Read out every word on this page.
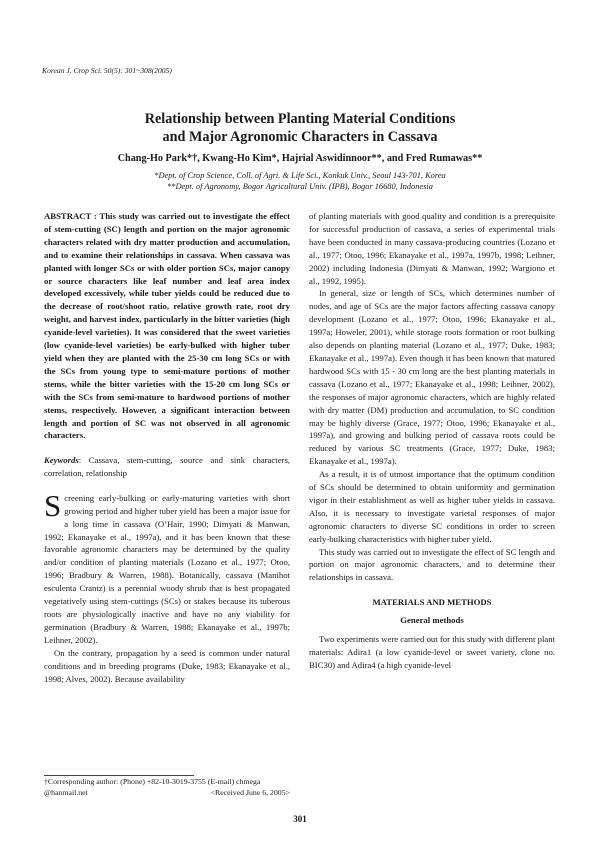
Korean J. Crop Sci. 50(5): 301~308(2005)
Relationship between Planting Material Conditions
and Major Agronomic Characters in Cassava
Chang-Ho Park*†, Kwang-Ho Kim*, Hajrial Aswidinnoor**, and Fred Rumawas**
*Dept. of Crop Science, Coll. of Agri. & Life Sci., Konkuk Univ., Seoul 143-701, Korea
**Dept. of Agronomy, Bogor Agricultural Univ. (IPB), Bogor 16680, Indonesia
ABSTRACT : This study was carried out to investigate the effect of stem-cutting (SC) length and portion on the major agronomic characters related with dry matter production and accumulation, and to examine their relationships in cassava. When cassava was planted with longer SCs or with older portion SCs, major canopy or source characters like leaf number and leaf area index developed excessively, while tuber yields could be reduced due to the decrease of root/shoot ratio, relative growth rate, root dry weight, and harvest index, particularly in the bitter varieties (high cyanide-level varieties). It was considered that the sweet varieties (low cyanide-level varieties) be early-bulked with higher tuber yield when they are planted with the 25-30 cm long SCs or with the SCs from young type to semi-mature portions of mother stems, while the bitter varieties with the 15-20 cm long SCs or with the SCs from semi-mature to hardwood portions of mother stems, respectively. However, a significant interaction between length and portion of SC was not observed in all agronomic characters.

Keywords: Cassava, stem-cutting, source and sink characters, correlation, relationship

Screening early-bulking or early-maturing varieties with short growing period and higher tuber yield has been a major issue for a long time in cassava (O’Hair, 1990; Dimyati & Manwan, 1992; Ekanayake et al., 1997a), and it has been known that these favorable agronomic characters may be determined by the quality and/or condition of planting materials (Lozano et al., 1977; Otoo, 1996; Bradbury & Warren, 1988). Botanically, cassava (Manihot esculenta Crantz) is a perennial woody shrub that is best propagated vegetatively using stem-cuttings (SCs) or stakes because its tuberous roots are physiologically inactive and have no any viability for germination (Bradbury & Warren, 1988; Ekanayake et al., 1997b; Leihner, 2002).

On the contrary, propagation by a seed is common under natural conditions and in breeding programs (Duke, 1983; Ekanayake et al., 1998; Alves, 2002). Because availability

†Corresponding author: (Phone) +82-10-3019-3755 (E-mail) chmega
@hanmail.net	<Received June 6, 2005>

of planting materials with good quality and condition is a prerequisite for successful production of cassava, a series of experimental trials have been conducted in many cassava-producing countries (Lozano et al., 1977; Otoo, 1996; Ekanayake et al., 1997a, 1997b, 1998; Leihner, 2002) including Indonesia (Dimyati & Manwan, 1992; Wargiono et al., 1992, 1995).

In general, size or length of SCs, which determines number of nodes, and age of SCs are the major factors affecting cassava canopy development (Lozano et al., 1977; Otoo, 1996; Ekanayake et al., 1997a; Howeler, 2001), while storage roots formation or root bulking also depends on planting material (Lozano et al., 1977; Duke, 1983; Ekanayake et al., 1997a). Even though it has been known that matured hardwood SCs with 15 - 30 cm long are the best planting materials in cassava (Lozano et al., 1977; Ekanayake et al., 1998; Leihner, 2002), the responses of major agronomic characters, which are highly related with dry matter (DM) production and accumulation, to SC condition may be highly diverse (Grace, 1977; Otoo, 1996; Ekanayake et al., 1997a), and growing and bulking period of cassava roots could be reduced by various SC treatments (Grace, 1977; Duke, 1983; Ekanayake et al., 1997a).

As a result, it is of utmost importance that the optimum condition of SCs should be determined to obtain uniformity and germination vigor in their establishment as well as higher tuber yields in cassava. Also, it is necessary to investigate varietal responses of major agronomic characters to diverse SC conditions in order to screen early-bulking characteristics with higher tuber yield.

This study was carried out to investigate the effect of SC length and portion on major agronomic characters, and to determine their relationships in cassava.

MATERIALS AND METHODS
General methods

Two experiments were carried out for this study with different plant materials: Adira1 (a low cyanide-level or sweet variety, clone no. BIC30) and Adira4 (a high cyanide-level

301
